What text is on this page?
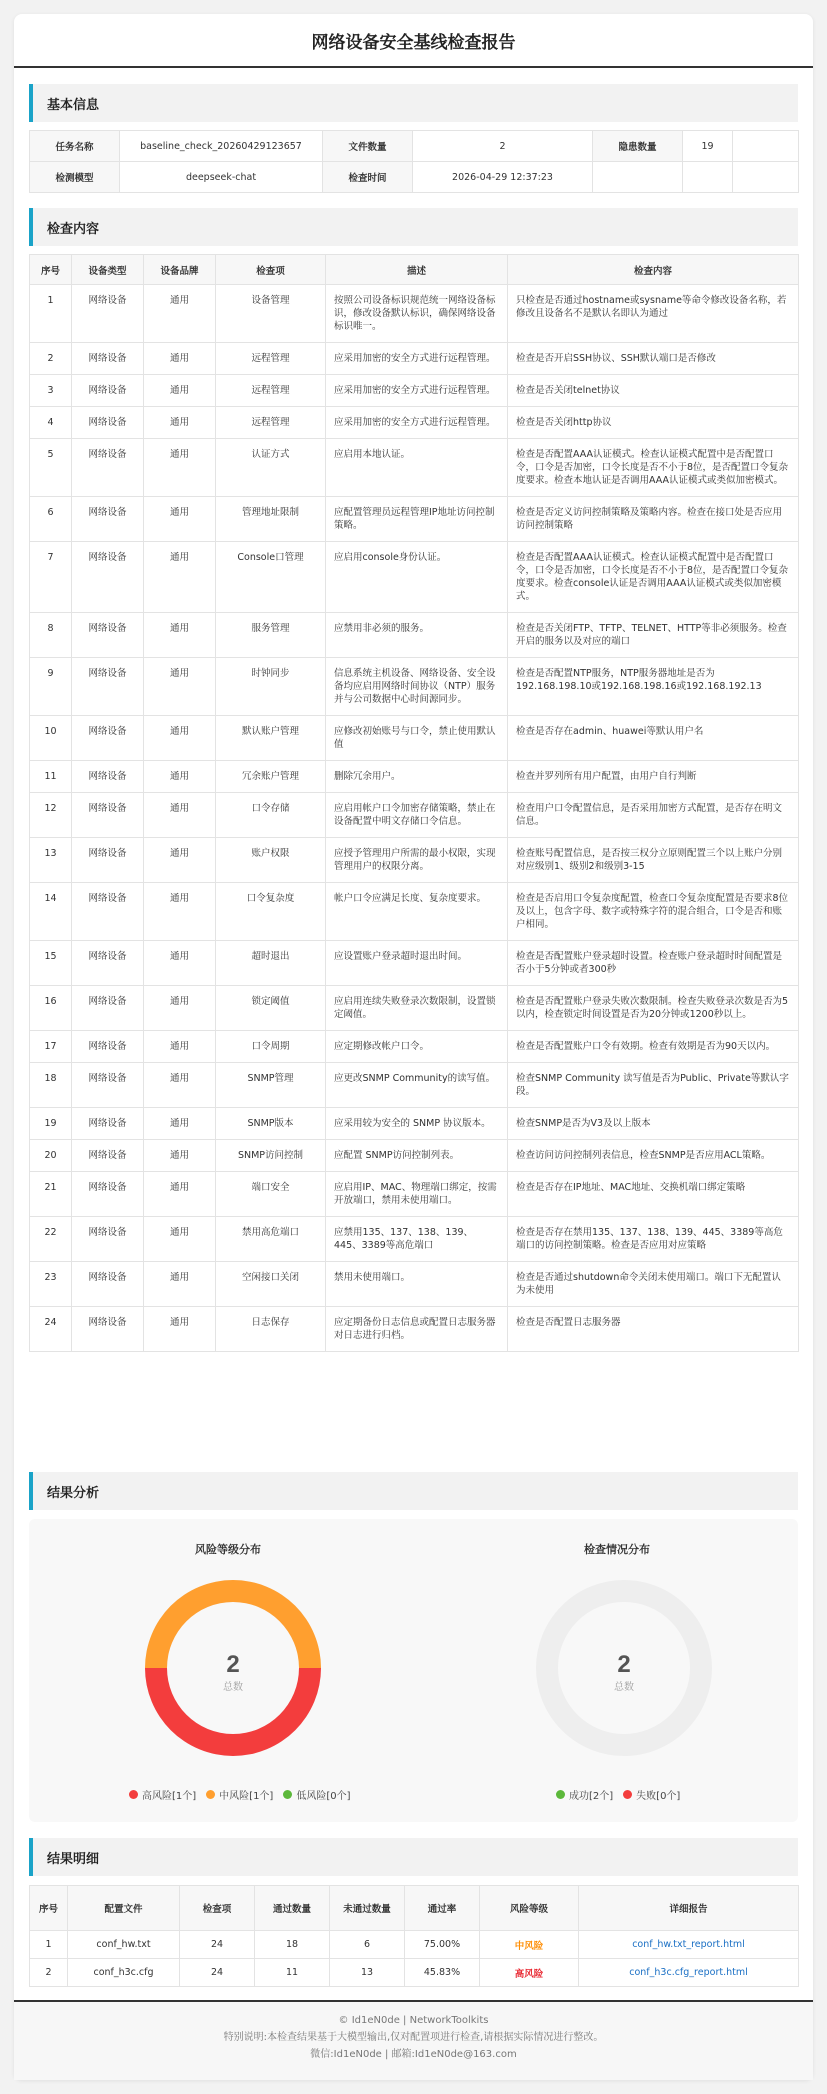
网络设备安全基线检查报告
基本信息
任务名称	baseline_check_20260429123657	文件数量	2	隐患数量	19	
检测模型	deepseek-chat	检查时间	2026-04-29 12:37:23			
检查内容
序号	设备类型	设备品牌	检查项	描述	检查内容
1	网络设备	通用	设备管理	按照公司设备标识规范统一网络设备标识，修改设备默认标识，确保网络设备标识唯一。	只检查是否通过hostname或sysname等命令修改设备名称，若修改且设备名不是默认名即认为通过
2	网络设备	通用	远程管理	应采用加密的安全方式进行远程管理。	检查是否开启SSH协议、SSH默认端口是否修改
3	网络设备	通用	远程管理	应采用加密的安全方式进行远程管理。	检查是否关闭telnet协议
4	网络设备	通用	远程管理	应采用加密的安全方式进行远程管理。	检查是否关闭http协议
5	网络设备	通用	认证方式	应启用本地认证。	检查是否配置AAA认证模式。检查认证模式配置中是否配置口令，口令是否加密，口令长度是否不小于8位，是否配置口令复杂度要求。检查本地认证是否调用AAA认证模式或类似加密模式。
6	网络设备	通用	管理地址限制	应配置管理员远程管理IP地址访问控制策略。	检查是否定义访问控制策略及策略内容。检查在接口处是否应用访问控制策略
7	网络设备	通用	Console口管理	应启用console身份认证。	检查是否配置AAA认证模式。检查认证模式配置中是否配置口令，口令是否加密，口令长度是否不小于8位，是否配置口令复杂度要求。检查console认证是否调用AAA认证模式或类似加密模式。
8	网络设备	通用	服务管理	应禁用非必须的服务。	检查是否关闭FTP、TFTP、TELNET、HTTP等非必须服务。检查开启的服务以及对应的端口
9	网络设备	通用	时钟同步	信息系统主机设备、网络设备、安全设备均应启用网络时间协议（NTP）服务并与公司数据中心时间源同步。	检查是否配置NTP服务，NTP服务器地址是否为192.168.198.10或192.168.198.16或192.168.192.13
10	网络设备	通用	默认账户管理	应修改初始账号与口令，禁止使用默认值	检查是否存在admin、huawei等默认用户名
11	网络设备	通用	冗余账户管理	删除冗余用户。	检查并罗列所有用户配置，由用户自行判断
12	网络设备	通用	口令存储	应启用帐户口令加密存储策略，禁止在设备配置中明文存储口令信息。	检查用户口令配置信息，是否采用加密方式配置，是否存在明文信息。
13	网络设备	通用	账户权限	应授予管理用户所需的最小权限，实现管理用户的权限分离。	检查账号配置信息，是否按三权分立原则配置三个以上账户分别对应级别1、级别2和级别3-15
14	网络设备	通用	口令复杂度	帐户口令应满足长度、复杂度要求。	检查是否启用口令复杂度配置，检查口令复杂度配置是否要求8位及以上，包含字母、数字或特殊字符的混合组合，口令是否和账户相同。
15	网络设备	通用	超时退出	应设置账户登录超时退出时间。	检查是否配置账户登录超时设置。检查账户登录超时时间配置是否小于5分钟或者300秒
16	网络设备	通用	锁定阈值	应启用连续失败登录次数限制，设置锁定阈值。	检查是否配置账户登录失败次数限制。检查失败登录次数是否为5以内，检查锁定时间设置是否为20分钟或1200秒以上。
17	网络设备	通用	口令周期	应定期修改帐户口令。	检查是否配置账户口令有效期。检查有效期是否为90天以内。
18	网络设备	通用	SNMP管理	应更改SNMP Community的读写值。	检查SNMP Community 读写值是否为Public、Private等默认字段。
19	网络设备	通用	SNMP版本	应采用较为安全的 SNMP 协议版本。	检查SNMP是否为V3及以上版本
20	网络设备	通用	SNMP访问控制	应配置 SNMP访问控制列表。	检查访问访问控制列表信息，检查SNMP是否应用ACL策略。
21	网络设备	通用	端口安全	应启用IP、MAC、物理端口绑定，按需开放端口，禁用未使用端口。	检查是否存在IP地址、MAC地址、交换机端口绑定策略
22	网络设备	通用	禁用高危端口	应禁用135、137、138、139、445、3389等高危端口	检查是否存在禁用135、137、138、139、445、3389等高危端口的访问控制策略。检查是否应用对应策略
23	网络设备	通用	空闲接口关闭	禁用未使用端口。	检查是否通过shutdown命令关闭未使用端口。端口下无配置认为未使用
24	网络设备	通用	日志保存	应定期备份日志信息或配置日志服务器对日志进行归档。	检查是否配置日志服务器
结果分析
风险等级分布
2
总数
高风险[1个] 中风险[1个] 低风险[0个]
检查情况分布
2
总数
成功[2个] 失败[0个]
结果明细
序号	配置文件	检查项	通过数量	未通过数量	通过率	风险等级	详细报告
1	conf_hw.txt	24	18	6	75.00%	中风险	conf_hw.txt_report.html
2	conf_h3c.cfg	24	11	13	45.83%	高风险	conf_h3c.cfg_report.html
© Id1eN0de | NetworkToolkits
特别说明:本检查结果基于大模型输出,仅对配置项进行检查,请根据实际情况进行整改。
微信:Id1eN0de | 邮箱:Id1eN0de@163.com
